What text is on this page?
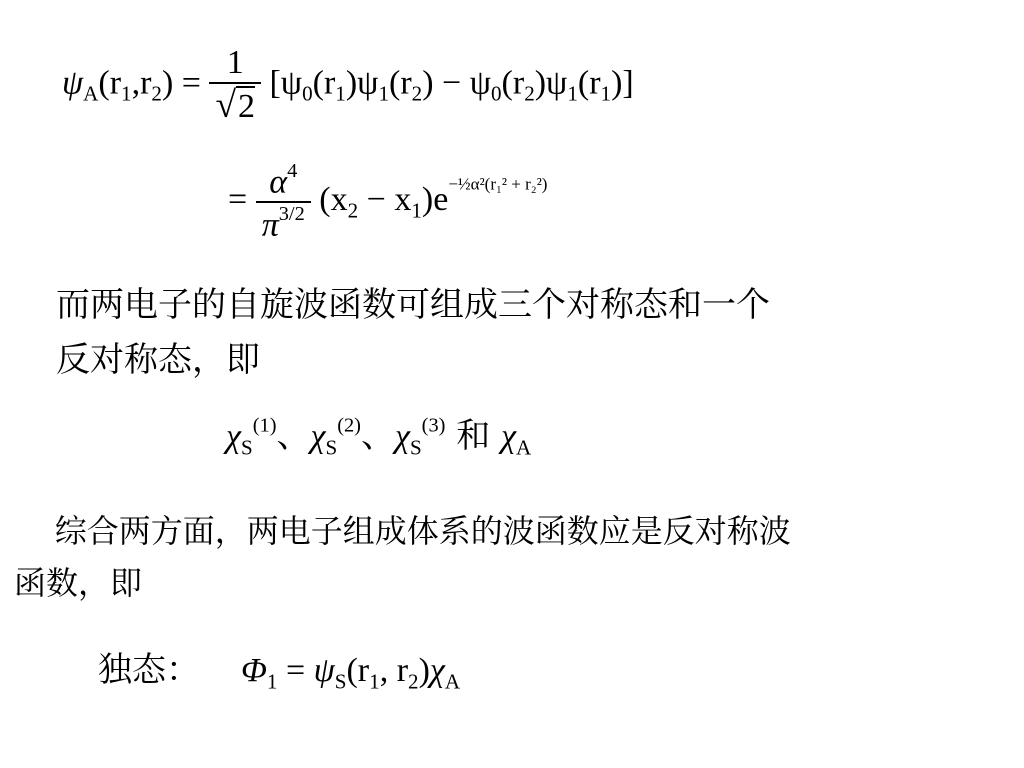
$\psi_A(r_1,r_2) = \frac{1}{√2} [\psi_0(r_1)\psi_1(r_2) - \psi_0(r_2)\psi_1(r_1)]$
= $\frac{\alpha^4}{\pi^{3/2}} (x_2 - x_1)e^{-\frac{1}{2}\alpha^2(r_1^2 + r_2^2)}$
而两电子的自旋波函数可组成三个对称态和一个
反对称态，即
$\chi_S^{(1)}$、$\chi_S^{(2)}$、$\chi_S^{(3)}$ 和 $\chi_A$
综合两方面，两电子组成体系的波函数应是反对称波
函数，即
独态： $\Phi_1 = \psi_S(r_1$, $r_2)\chi_A$
